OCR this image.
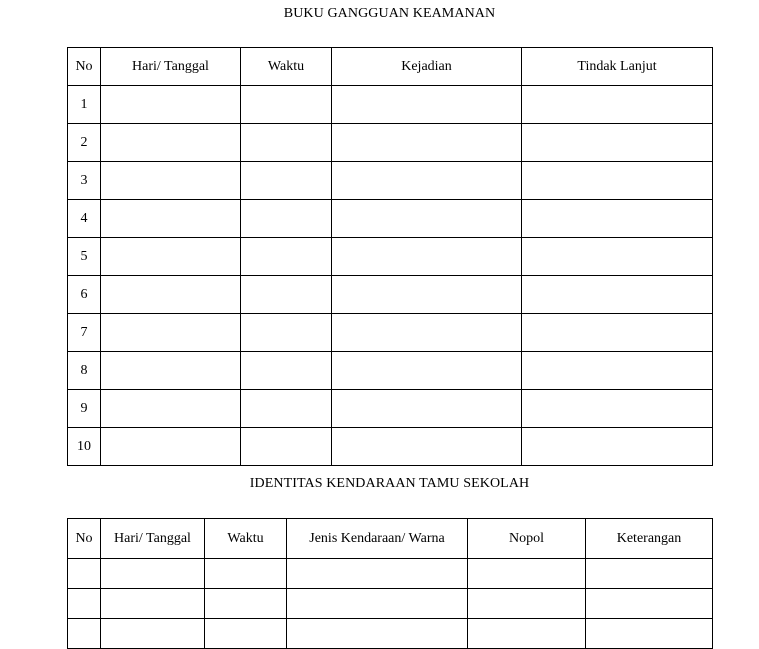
BUKU GANGGUAN KEAMANAN
No	Hari/ Tanggal	Waktu	Kejadian	Tindak Lanjut
1				
2				
3				
4				
5				
6				
7				
8				
9				
10				
IDENTITAS KENDARAAN TAMU SEKOLAH
No	Hari/ Tanggal	Waktu	Jenis Kendaraan/ Warna	Nopol	Keterangan
